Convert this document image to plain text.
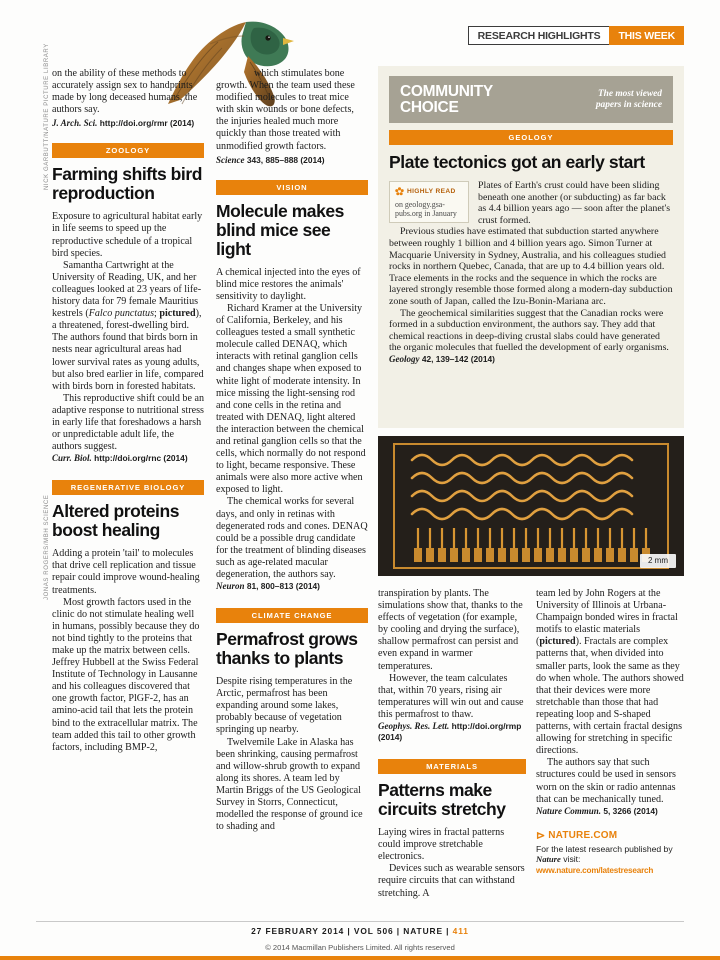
RESEARCH HIGHLIGHTS	THIS WEEK
NICK GARBUTT/NATURE PICTURE LIBRARY
JONAS ROGERS/MBH SCIENCE

on the ability of these methods to accurately assign sex to handprints made by long deceased humans, the authors say.

J. Arch. Sci. http://doi.org/rmr (2014)

ZOOLOGY
Farming shifts bird reproduction

Exposure to agricultural habitat early in life seems to speed up the reproductive schedule of a tropical bird species.

Samantha Cartwright at the University of Reading, UK, and her colleagues looked at 23 years of life-history data for 79 female Mauritius kestrels (Falco punctatus; pictured), a threatened, forest-dwelling bird. The authors found that birds born in nests near agricultural areas had lower survival rates as young adults, but also bred earlier in life, compared with birds born in forested habitats.

This reproductive shift could be an adaptive response to nutritional stress in early life that foreshadows a harsh or unpredictable adult life, the authors suggest.

Curr. Biol. http://doi.org/rnc (2014)

REGENERATIVE BIOLOGY
Altered proteins boost healing

Adding a protein 'tail' to molecules that drive cell replication and tissue repair could improve wound-healing treatments.

Most growth factors used in the clinic do not stimulate healing well in humans, possibly because they do not bind tightly to the proteins that make up the matrix between cells. Jeffrey Hubbell at the Swiss Federal Institute of Technology in Lausanne and his colleagues discovered that one growth factor, PlGF-2, has an amino-acid tail that lets the protein bind to the extracellular matrix. The team added this tail to other growth factors, including BMP-2,

which stimulates bone growth. When the team used these modified molecules to treat mice with skin wounds or bone defects, the injuries healed much more quickly than those treated with unmodified growth factors.

Science 343, 885–888 (2014)

VISION
Molecule makes blind mice see light

A chemical injected into the eyes of blind mice restores the animals' sensitivity to daylight.

Richard Kramer at the University of California, Berkeley, and his colleagues tested a small synthetic molecule called DENAQ, which interacts with retinal ganglion cells and changes shape when exposed to white light of moderate intensity. In mice missing the light-sensing rod and cone cells in the retina and treated with DENAQ, light altered the interaction between the chemical and retinal ganglion cells so that the cells, which normally do not respond to light, became responsive. These animals were also more active when exposed to light.

The chemical works for several days, and only in retinas with degenerated rods and cones. DENAQ could be a possible drug candidate for the treatment of blinding diseases such as age-related macular degeneration, the authors say.

Neuron 81, 800–813 (2014)

CLIMATE CHANGE
Permafrost grows thanks to plants

Despite rising temperatures in the Arctic, permafrost has been expanding around some lakes, probably because of vegetation springing up nearby.

Twelvemile Lake in Alaska has been shrinking, causing permafrost and willow-shrub growth to expand along its shores. A team led by Martin Briggs of the US Geological Survey in Storrs, Connecticut, modelled the response of ground ice to shading and

COMMUNITY
CHOICE
The most viewed
papers in science
GEOLOGY
Plate tectonics got an early start
HIGHLY READ
on geology.gsa-pubs.org in January

Plates of Earth's crust could have been sliding beneath one another (or subducting) as far back as 4.4 billion years ago — soon after the planet's crust formed.

Previous studies have estimated that subduction started anywhere between roughly 1 billion and 4 billion years ago. Simon Turner at Macquarie University in Sydney, Australia, and his colleagues studied rocks in northern Quebec, Canada, that are up to 4.4 billion years old. Trace elements in the rocks and the sequence in which the rocks are layered strongly resemble those formed along a modern-day subduction zone south of Japan, called the Izu-Bonin-Mariana arc.

The geochemical similarities suggest that the Canadian rocks were formed in a subduction environment, the authors say. They add that chemical reactions in deep-diving crustal slabs could have generated the organic molecules that fuelled the development of early organisms.

Geology 42, 139–142 (2014)

2 mm

transpiration by plants. The simulations show that, thanks to the effects of vegetation (for example, by cooling and drying the surface), shallow permafrost can persist and even expand in warmer temperatures.

However, the team calculates that, within 70 years, rising air temperatures will win out and cause this permafrost to thaw.

Geophys. Res. Lett. http://doi.org/rmp (2014)

MATERIALS
Patterns make circuits stretchy

Laying wires in fractal patterns could improve stretchable electronics.

Devices such as wearable sensors require circuits that can withstand stretching. A

team led by John Rogers at the University of Illinois at Urbana-Champaign bonded wires in fractal motifs to elastic materials (pictured). Fractals are complex patterns that, when divided into smaller parts, look the same as they do when whole. The authors showed that their devices were more stretchable than those that had repeating loop and S-shaped patterns, with certain fractal designs allowing for stretching in specific directions.

The authors say that such structures could be used in sensors worn on the skin or radio antennas that can be mechanically tuned.

Nature Commun. 5, 3266 (2014)

⊳ NATURE.COM
For the latest research published by Nature visit:
www.nature.com/latestresearch
27 FEBRUARY 2014 | VOL 506 | NATURE | 411
© 2014 Macmillan Publishers Limited. All rights reserved
